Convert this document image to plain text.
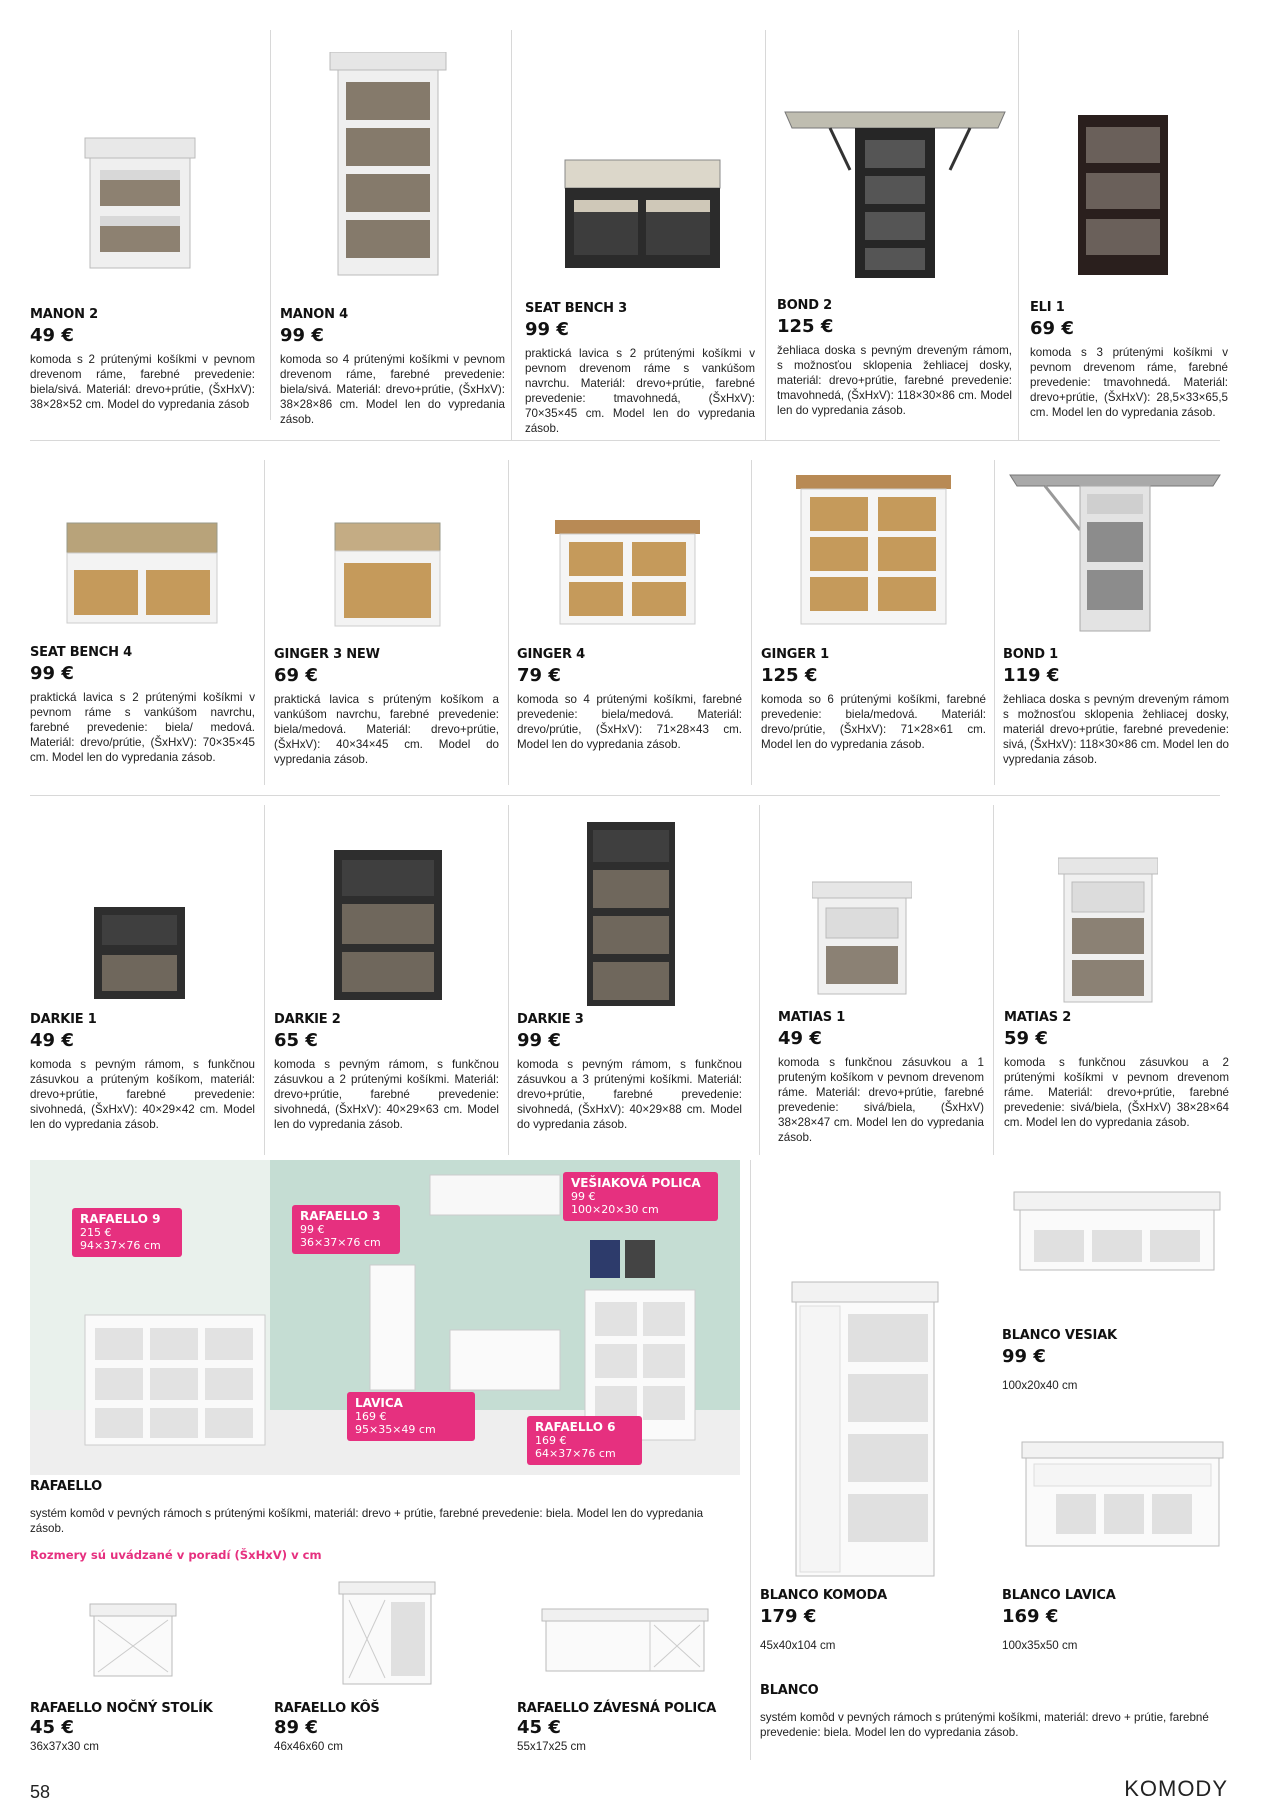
MANON 2
49 €
komoda s 2 prútenými košíkmi v pevnom drevenom ráme, farebné prevedenie: biela/sivá. Materiál: drevo+prútie, (ŠxHxV): 38×28×52 cm. Model do vypredania zásob
MANON 4
99 €
komoda so 4 prútenými košíkmi v pevnom drevenom ráme, farebné prevedenie: biela/sivá. Materiál: drevo+prútie, (ŠxHxV): 38×28×86 cm. Model len do vypredania zásob.
SEAT BENCH 3
99 €
praktická lavica s 2 prútenými košíkmi v pevnom drevenom ráme s vankúšom navrchu. Materiál: drevo+prútie, farebné prevedenie: tmavohnedá, (ŠxHxV): 70×35×45 cm. Model len do vypredania zásob.
BOND 2
125 €
žehliaca doska s pevným dreveným rámom, s možnosťou sklopenia žehliacej dosky, materiál: drevo+prútie, farebné prevedenie: tmavohnedá, (ŠxHxV): 118×30×86 cm. Model len do vypredania zásob.
ELI 1
69 €
komoda s 3 prútenými košíkmi v pevnom drevenom ráme, farebné prevedenie: tmavohnedá. Materiál: drevo+prútie, (ŠxHxV): 28,5×33×65,5 cm. Model len do vypredania zásob.
SEAT BENCH 4
99 €
praktická lavica s 2 prútenými košíkmi v pevnom ráme s vankúšom navrchu, farebné prevedenie: biela/ medová. Materiál: drevo/prútie, (ŠxHxV): 70×35×45 cm. Model len do vypredania zásob.
GINGER 3 NEW
69 €
praktická lavica s prúteným košíkom a vankúšom navrchu, farebné prevedenie: biela/medová. Materiál: drevo+prútie, (ŠxHxV): 40×34×45 cm. Model do vypredania zásob.
GINGER 4
79 €
komoda so 4 prútenými košíkmi, farebné prevedenie: biela/medová. Materiál: drevo/prútie, (ŠxHxV): 71×28×43 cm. Model len do vypredania zásob.
GINGER 1
125 €
komoda so 6 prútenými košíkmi, farebné prevedenie: biela/medová. Materiál: drevo/prútie, (ŠxHxV): 71×28×61 cm. Model len do vypredania zásob.
BOND 1
119 €
žehliaca doska s pevným dreveným rámom s možnosťou sklopenia žehliacej dosky, materiál drevo+prútie, farebné prevedenie: sivá, (ŠxHxV): 118×30×86 cm. Model len do vypredania zásob.
DARKIE 1
49 €
komoda s pevným rámom, s funkčnou zásuvkou a prúteným košíkom, materiál: drevo+prútie, farebné prevedenie: sivohnedá, (ŠxHxV): 40×29×42 cm. Model len do vypredania zásob.
DARKIE 2
65 €
komoda s pevným rámom, s funkčnou zásuvkou a 2 prútenými košíkmi. Materiál: drevo+prútie, farebné prevedenie: sivohnedá, (ŠxHxV): 40×29×63 cm. Model len do vypredania zásob.
DARKIE 3
99 €
komoda s pevným rámom, s funkčnou zásuvkou a 3 prútenými košíkmi. Materiál: drevo+prútie, farebné prevedenie: sivohnedá, (ŠxHxV): 40×29×88 cm. Model do vypredania zásob.
MATIAS 1
49 €
komoda s funkčnou zásuvkou a 1 pruteným košíkom v pevnom drevenom ráme. Materiál: drevo+prútie, farebné prevedenie: sivá/biela, (ŠxHxV) 38×28×47 cm. Model len do vypredania zásob.
MATIAS 2
59 €
komoda s funkčnou zásuvkou a 2 prútenými košíkmi v pevnom drevenom ráme. Materiál: drevo+prútie, farebné prevedenie: sivá/biela, (ŠxHxV) 38×28×64 cm. Model len do vypredania zásob.
RAFAELLO 9
215 €
94×37×76 cm
RAFAELLO 3
99 €
36×37×76 cm
VEŠIAKOVÁ POLICA
99 €
100×20×30 cm
LAVICA
169 €
95×35×49 cm	RAFAELLO 6
169 €
64×37×76 cm
RAFAELLO
systém komôd v pevných rámoch s prútenými košíkmi, materiál: drevo + prútie, farebné prevedenie: biela. Model len do vypredania zásob.
Rozmery sú uvádzané v poradí (ŠxHxV) v cm
RAFAELLO NOČNÝ STOLÍK
45 €
36x37x30 cm
RAFAELLO KÔŠ
89 €
46x46x60 cm
RAFAELLO ZÁVESNÁ POLICA
45 €
55x17x25 cm
BLANCO VESIAK
99 €
100x20x40 cm
BLANCO KOMODA
179 €
45x40x104 cm
BLANCO LAVICA
169 €
100x35x50 cm
BLANCO
systém komôd v pevných rámoch s prútenými košíkmi, materiál: drevo + prútie, farebné prevedenie: biela. Model len do vypredania zásob.
58	KOMODY
